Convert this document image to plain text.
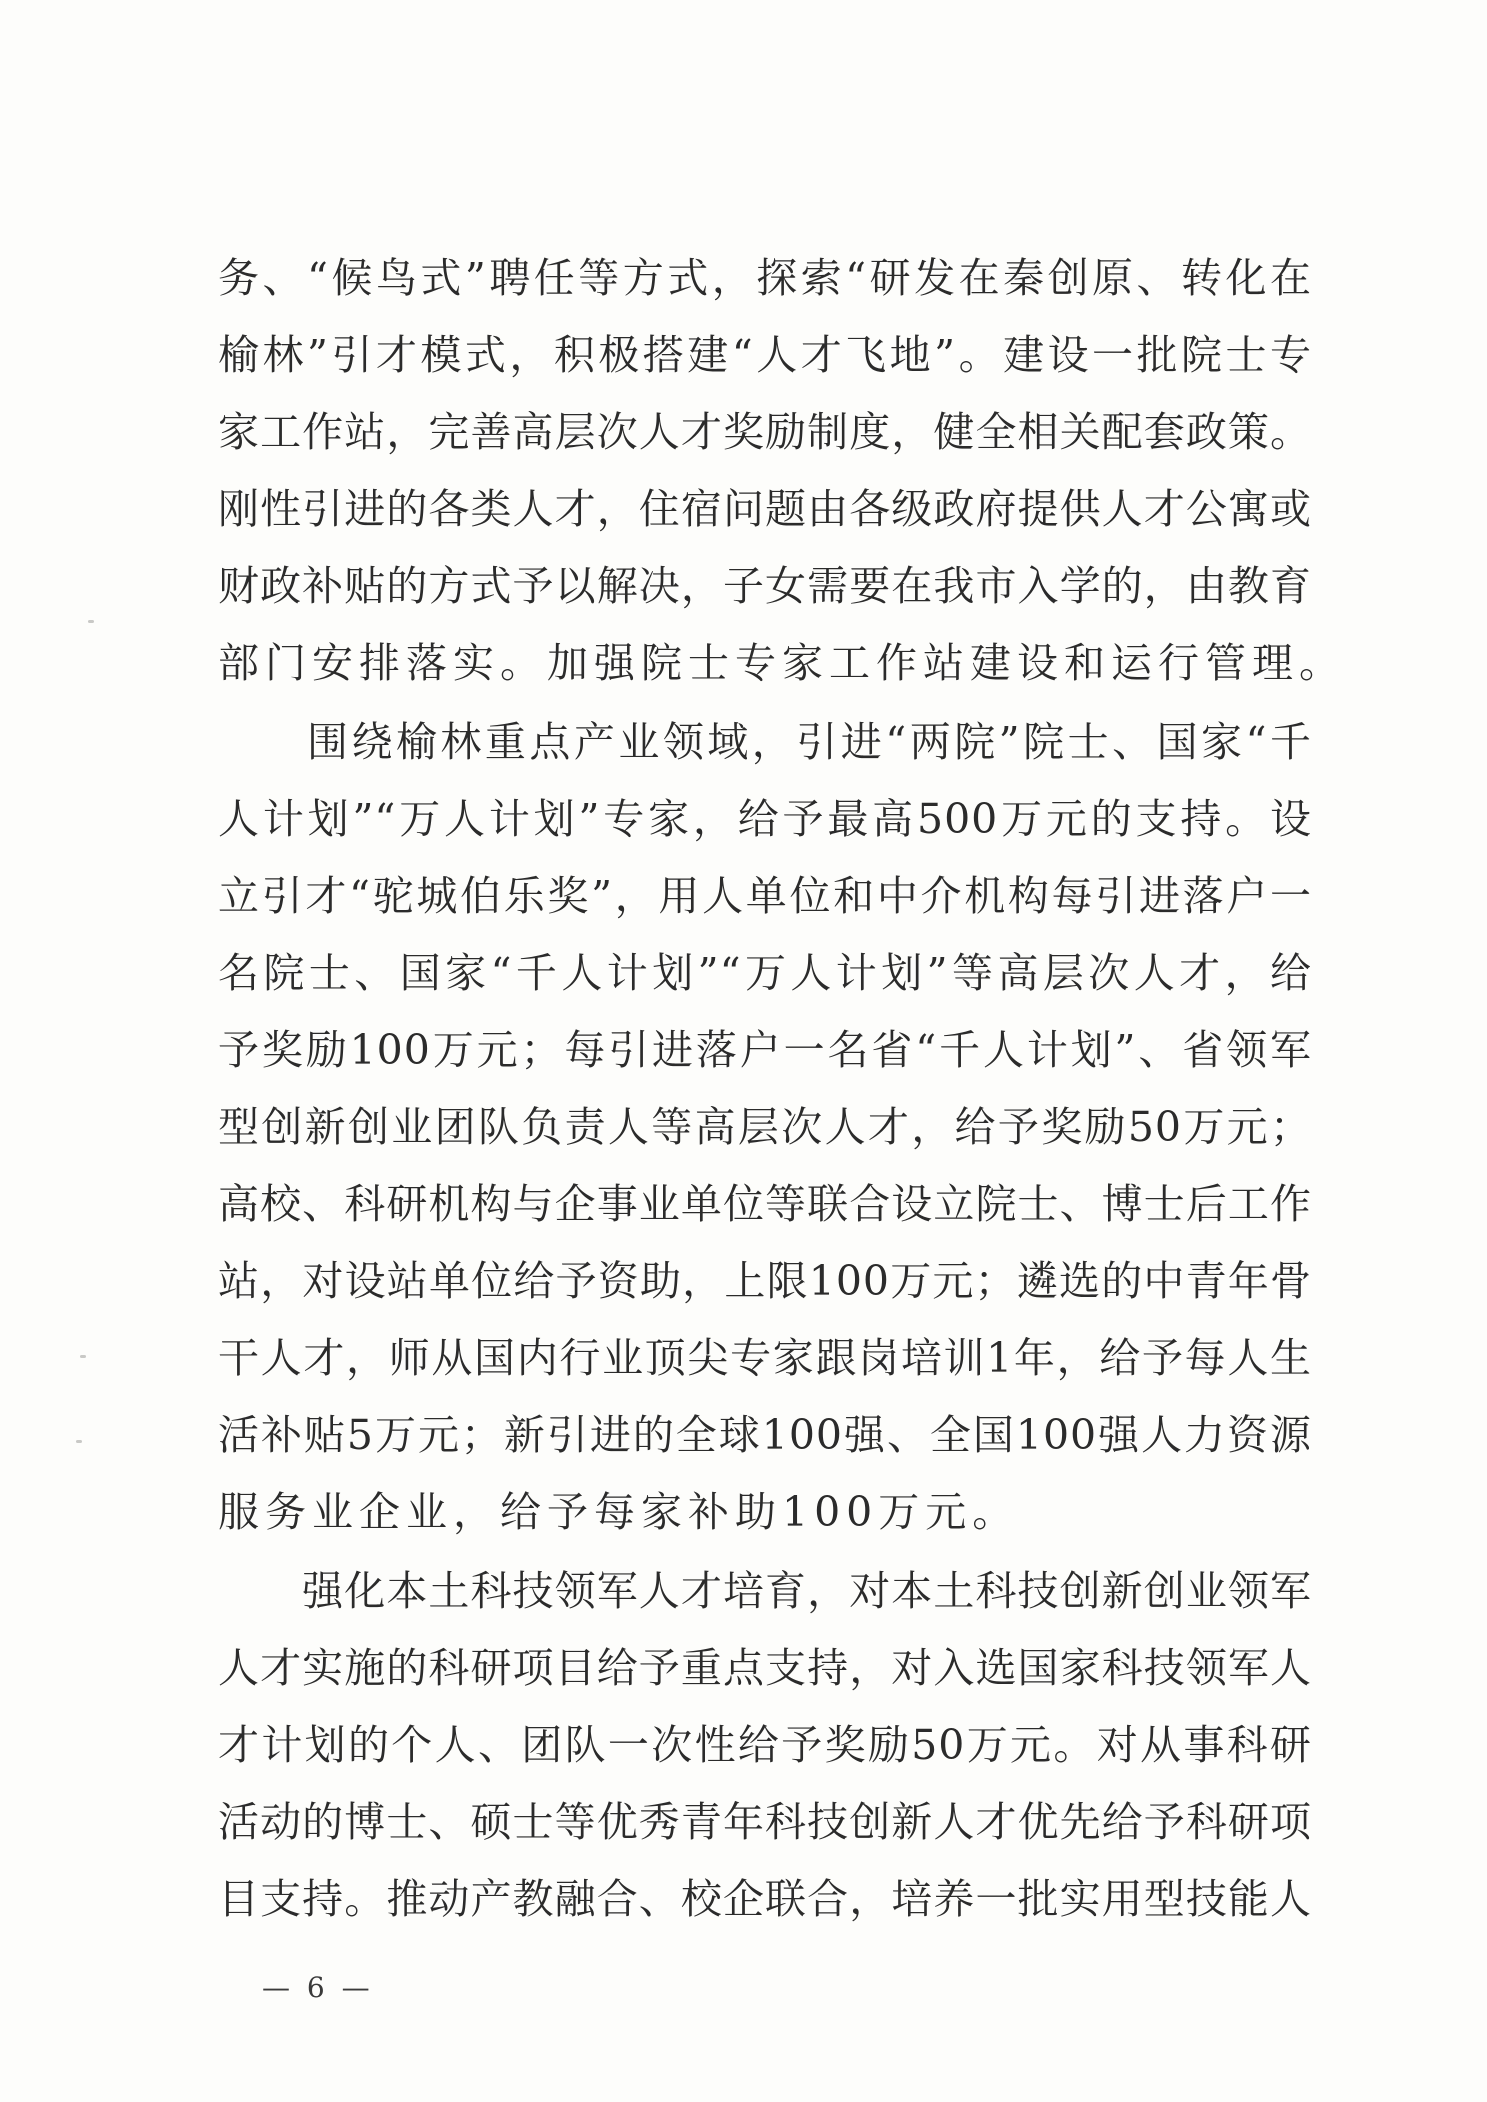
务、“候鸟式”聘任等方式，探索“研发在秦创原、转化在
榆林”引才模式，积极搭建“人才飞地”。建设一批院士专
家工作站，完善高层次人才奖励制度，健全相关配套政策。
刚性引进的各类人才，住宿问题由各级政府提供人才公寓或
财政补贴的方式予以解决，子女需要在我市入学的，由教育
部门安排落实。加强院士专家工作站建设和运行管理。
　　围绕榆林重点产业领域，引进“两院”院士、国家“千
人计划”“万人计划”专家，给予最高500万元的支持。设
立引才“驼城伯乐奖”，用人单位和中介机构每引进落户一
名院士、国家“千人计划”“万人计划”等高层次人才，给
予奖励100万元；每引进落户一名省“千人计划”、省领军
型创新创业团队负责人等高层次人才，给予奖励50万元；
高校、科研机构与企事业单位等联合设立院士、博士后工作
站，对设站单位给予资助，上限100万元；遴选的中青年骨
干人才，师从国内行业顶尖专家跟岗培训1年，给予每人生
活补贴5万元；新引进的全球100强、全国100强人力资源
服务业企业，给予每家补助100万元。
　　强化本土科技领军人才培育，对本土科技创新创业领军
人才实施的科研项目给予重点支持，对入选国家科技领军人
才计划的个人、团队一次性给予奖励50万元。对从事科研
活动的博士、硕士等优秀青年科技创新人才优先给予科研项
目支持。推动产教融合、校企联合，培养一批实用型技能人
— 6 —
